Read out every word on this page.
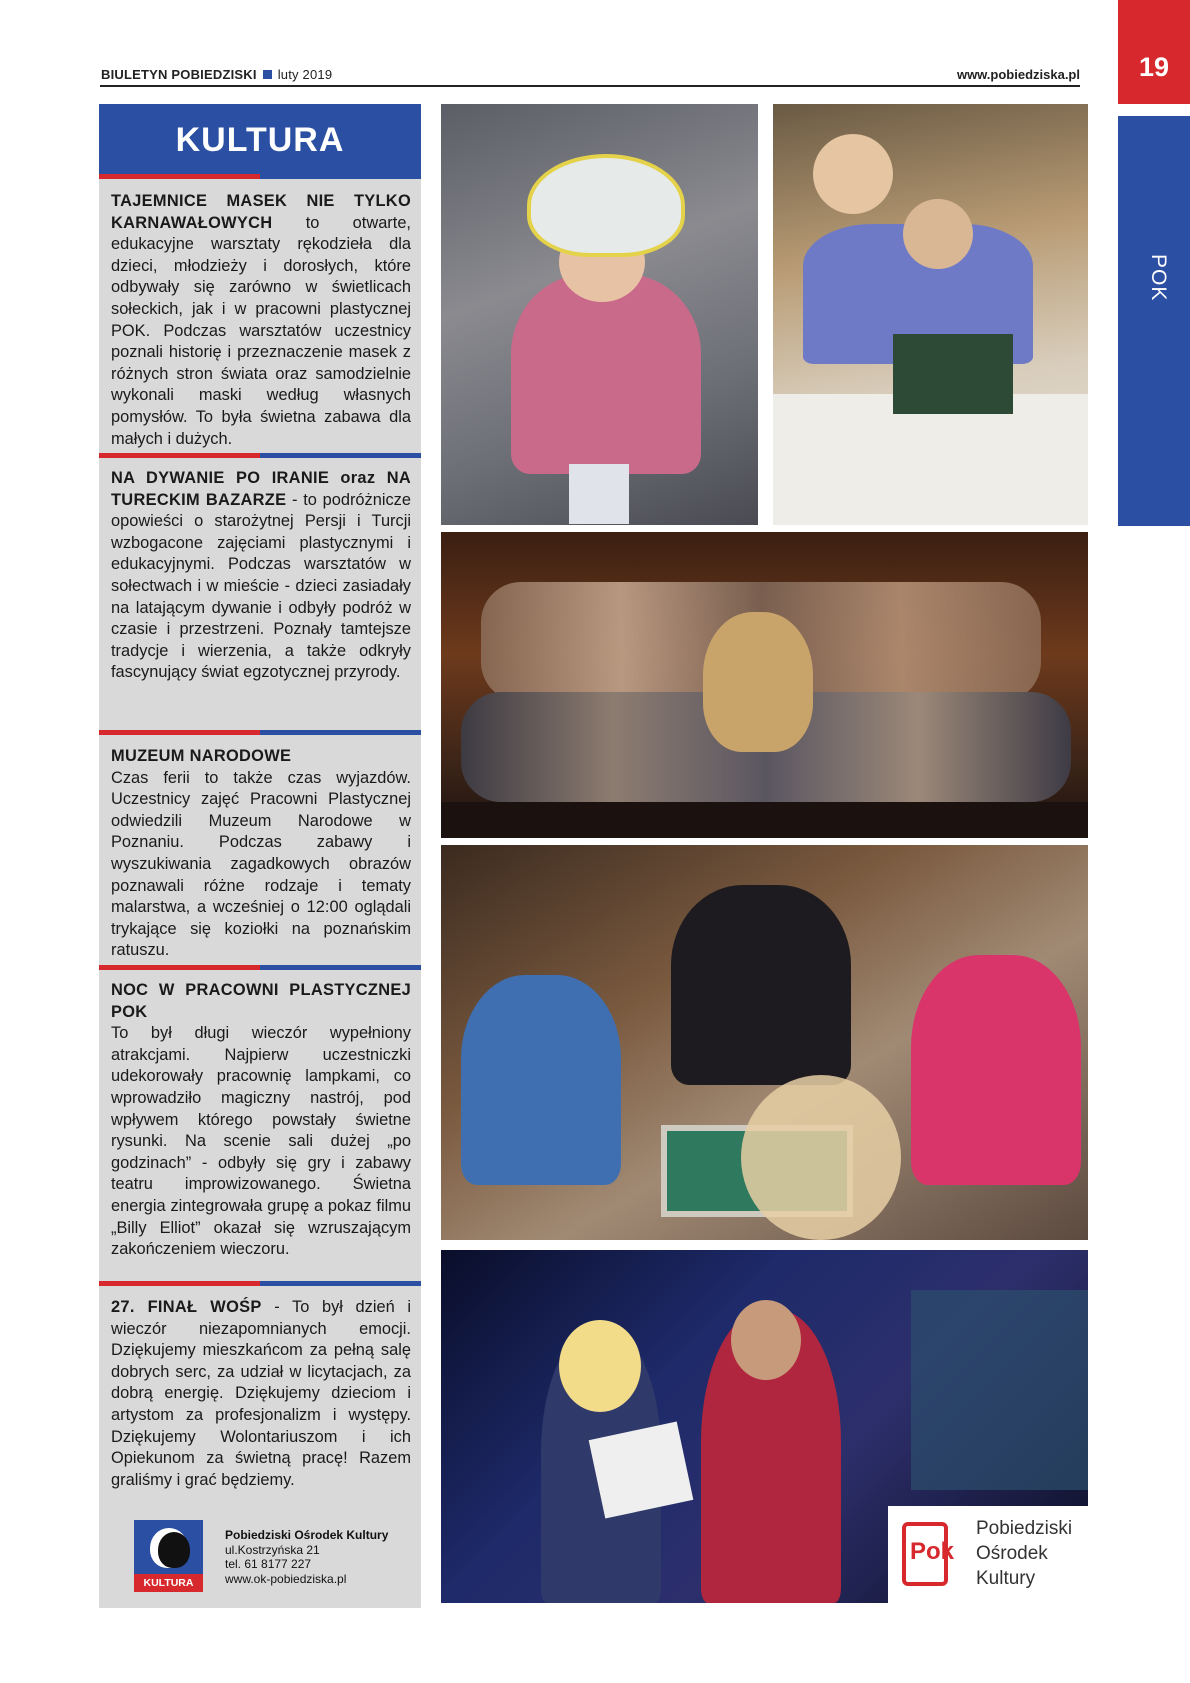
BIULETYN POBIEDZISKI luty 2019	www.pobiedziska.pl	19
POK
KULTURA
TAJEMNICE MASEK NIE TYLKO KARNAWAŁOWYCH to otwarte, edukacyjne warsztaty rękodzieła dla dzieci, młodzieży i dorosłych, które odbywały się zarówno w świetlicach sołeckich, jak i w pracowni plastycznej POK. Podczas warsztatów uczestnicy poznali historię i przeznaczenie masek z różnych stron świata oraz samodzielnie wykonali maski według własnych pomysłów. To była świetna zabawa dla małych i dużych.
NA DYWANIE PO IRANIE oraz NA TURECKIM BAZARZE - to podróżnicze opowieści o starożytnej Persji i Turcji wzbogacone zajęciami plastycznymi i edukacyjnymi. Podczas warsztatów w sołectwach i w mieście - dzieci zasiadały na latającym dywanie i odbyły podróż w czasie i przestrzeni. Poznały tamtejsze tradycje i wierzenia, a także odkryły fascynujący świat egzotycznej przyrody.
MUZEUM NARODOWE
Czas ferii to także czas wyjazdów. Uczestnicy zajęć Pracowni Plastycznej odwiedzili Muzeum Narodowe w Poznaniu. Podczas zabawy i wyszukiwania zagadkowych obrazów poznawali różne rodzaje i tematy malarstwa, a wcześniej o 12:00 oglądali trykające się koziołki na poznańskim ratuszu.
NOC W PRACOWNI PLASTYCZNEJ POK
To był długi wieczór wypełniony atrakcjami. Najpierw uczestniczki udekorowały pracownię lampkami, co wprowadziło magiczny nastrój, pod wpływem którego powstały świetne rysunki. Na scenie sali dużej „po godzinach” - odbyły się gry i zabawy teatru improwizowanego. Świetna energia zintegrowała grupę a pokaz filmu „Billy Elliot” okazał się wzruszającym zakończeniem wieczoru.
27. FINAŁ WOŚP - To był dzień i wieczór niezapomnianych emocji. Dziękujemy mieszkańcom za pełną salę dobrych serc, za udział w licytacjach, za dobrą energię. Dziękujemy dzieciom i artystom za profesjonalizm i występy. Dziękujemy Wolontariuszom i ich Opiekunom za świetną pracę! Razem graliśmy i grać będziemy.
KULTURA
Pobiedziski Ośrodek Kultury
ul.Kostrzyńska 21
tel. 61 8177 227
www.ok-pobiedziska.pl
Pok
Pobiedziski
Ośrodek
Kultury
